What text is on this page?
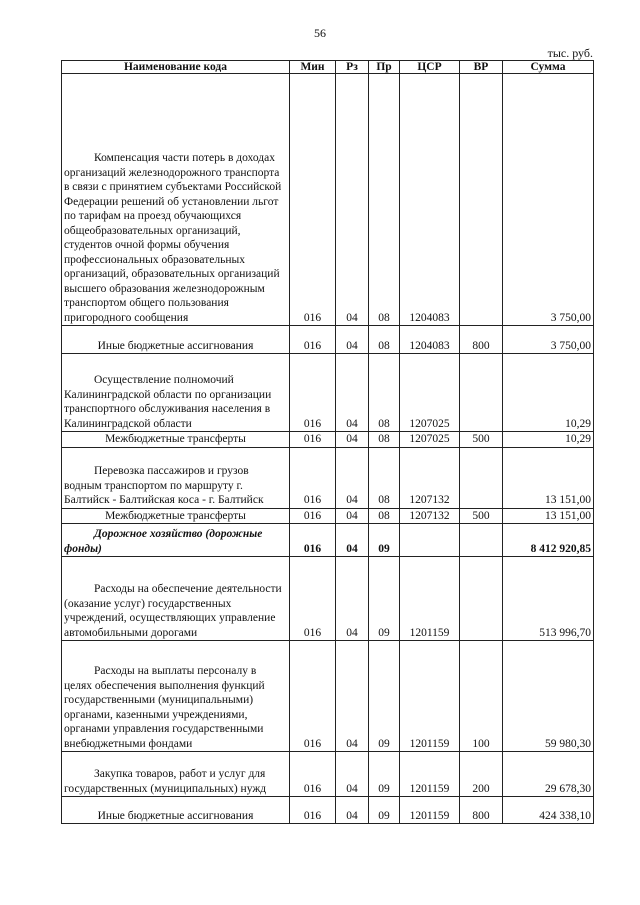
56
тыс. руб.
Наименование кода	Мин	Рз	Пр	ЦСР	ВР	Сумма
Компенсация части потерь в доходах организаций железнодорожного транспорта в связи с принятием субъектами Российской Федерации решений об установлении льгот по тарифам на проезд обучающихся общеобразовательных организаций, студентов очной формы обучения профессиональных образовательных организаций, образовательных организаций высшего образования железнодорожным транспортом общего пользования пригородного сообщения	016	04	08	1204083		3 750,00
Иные бюджетные ассигнования	016	04	08	1204083	800	3 750,00
Осуществление полномочий Калининградской области по организации транспортного обслуживания населения в Калининградской области	016	04	08	1207025		10,29
Межбюджетные трансферты	016	04	08	1207025	500	10,29
Перевозка пассажиров и грузов водным транспортом по маршруту г. Балтийск - Балтийская коса - г. Балтийск	016	04	08	1207132		13 151,00
Межбюджетные трансферты	016	04	08	1207132	500	13 151,00
Дорожное хозяйство (дорожные фонды)	016	04	09			8 412 920,85
Расходы на обеспечение деятельности (оказание услуг) государственных учреждений, осуществляющих управление автомобильными дорогами	016	04	09	1201159		513 996,70
Расходы на выплаты персоналу в целях обеспечения выполнения функций государственными (муниципальными) органами, казенными учреждениями, органами управления государственными внебюджетными фондами	016	04	09	1201159	100	59 980,30
Закупка товаров, работ и услуг для государственных (муниципальных) нужд	016	04	09	1201159	200	29 678,30
Иные бюджетные ассигнования	016	04	09	1201159	800	424 338,10
